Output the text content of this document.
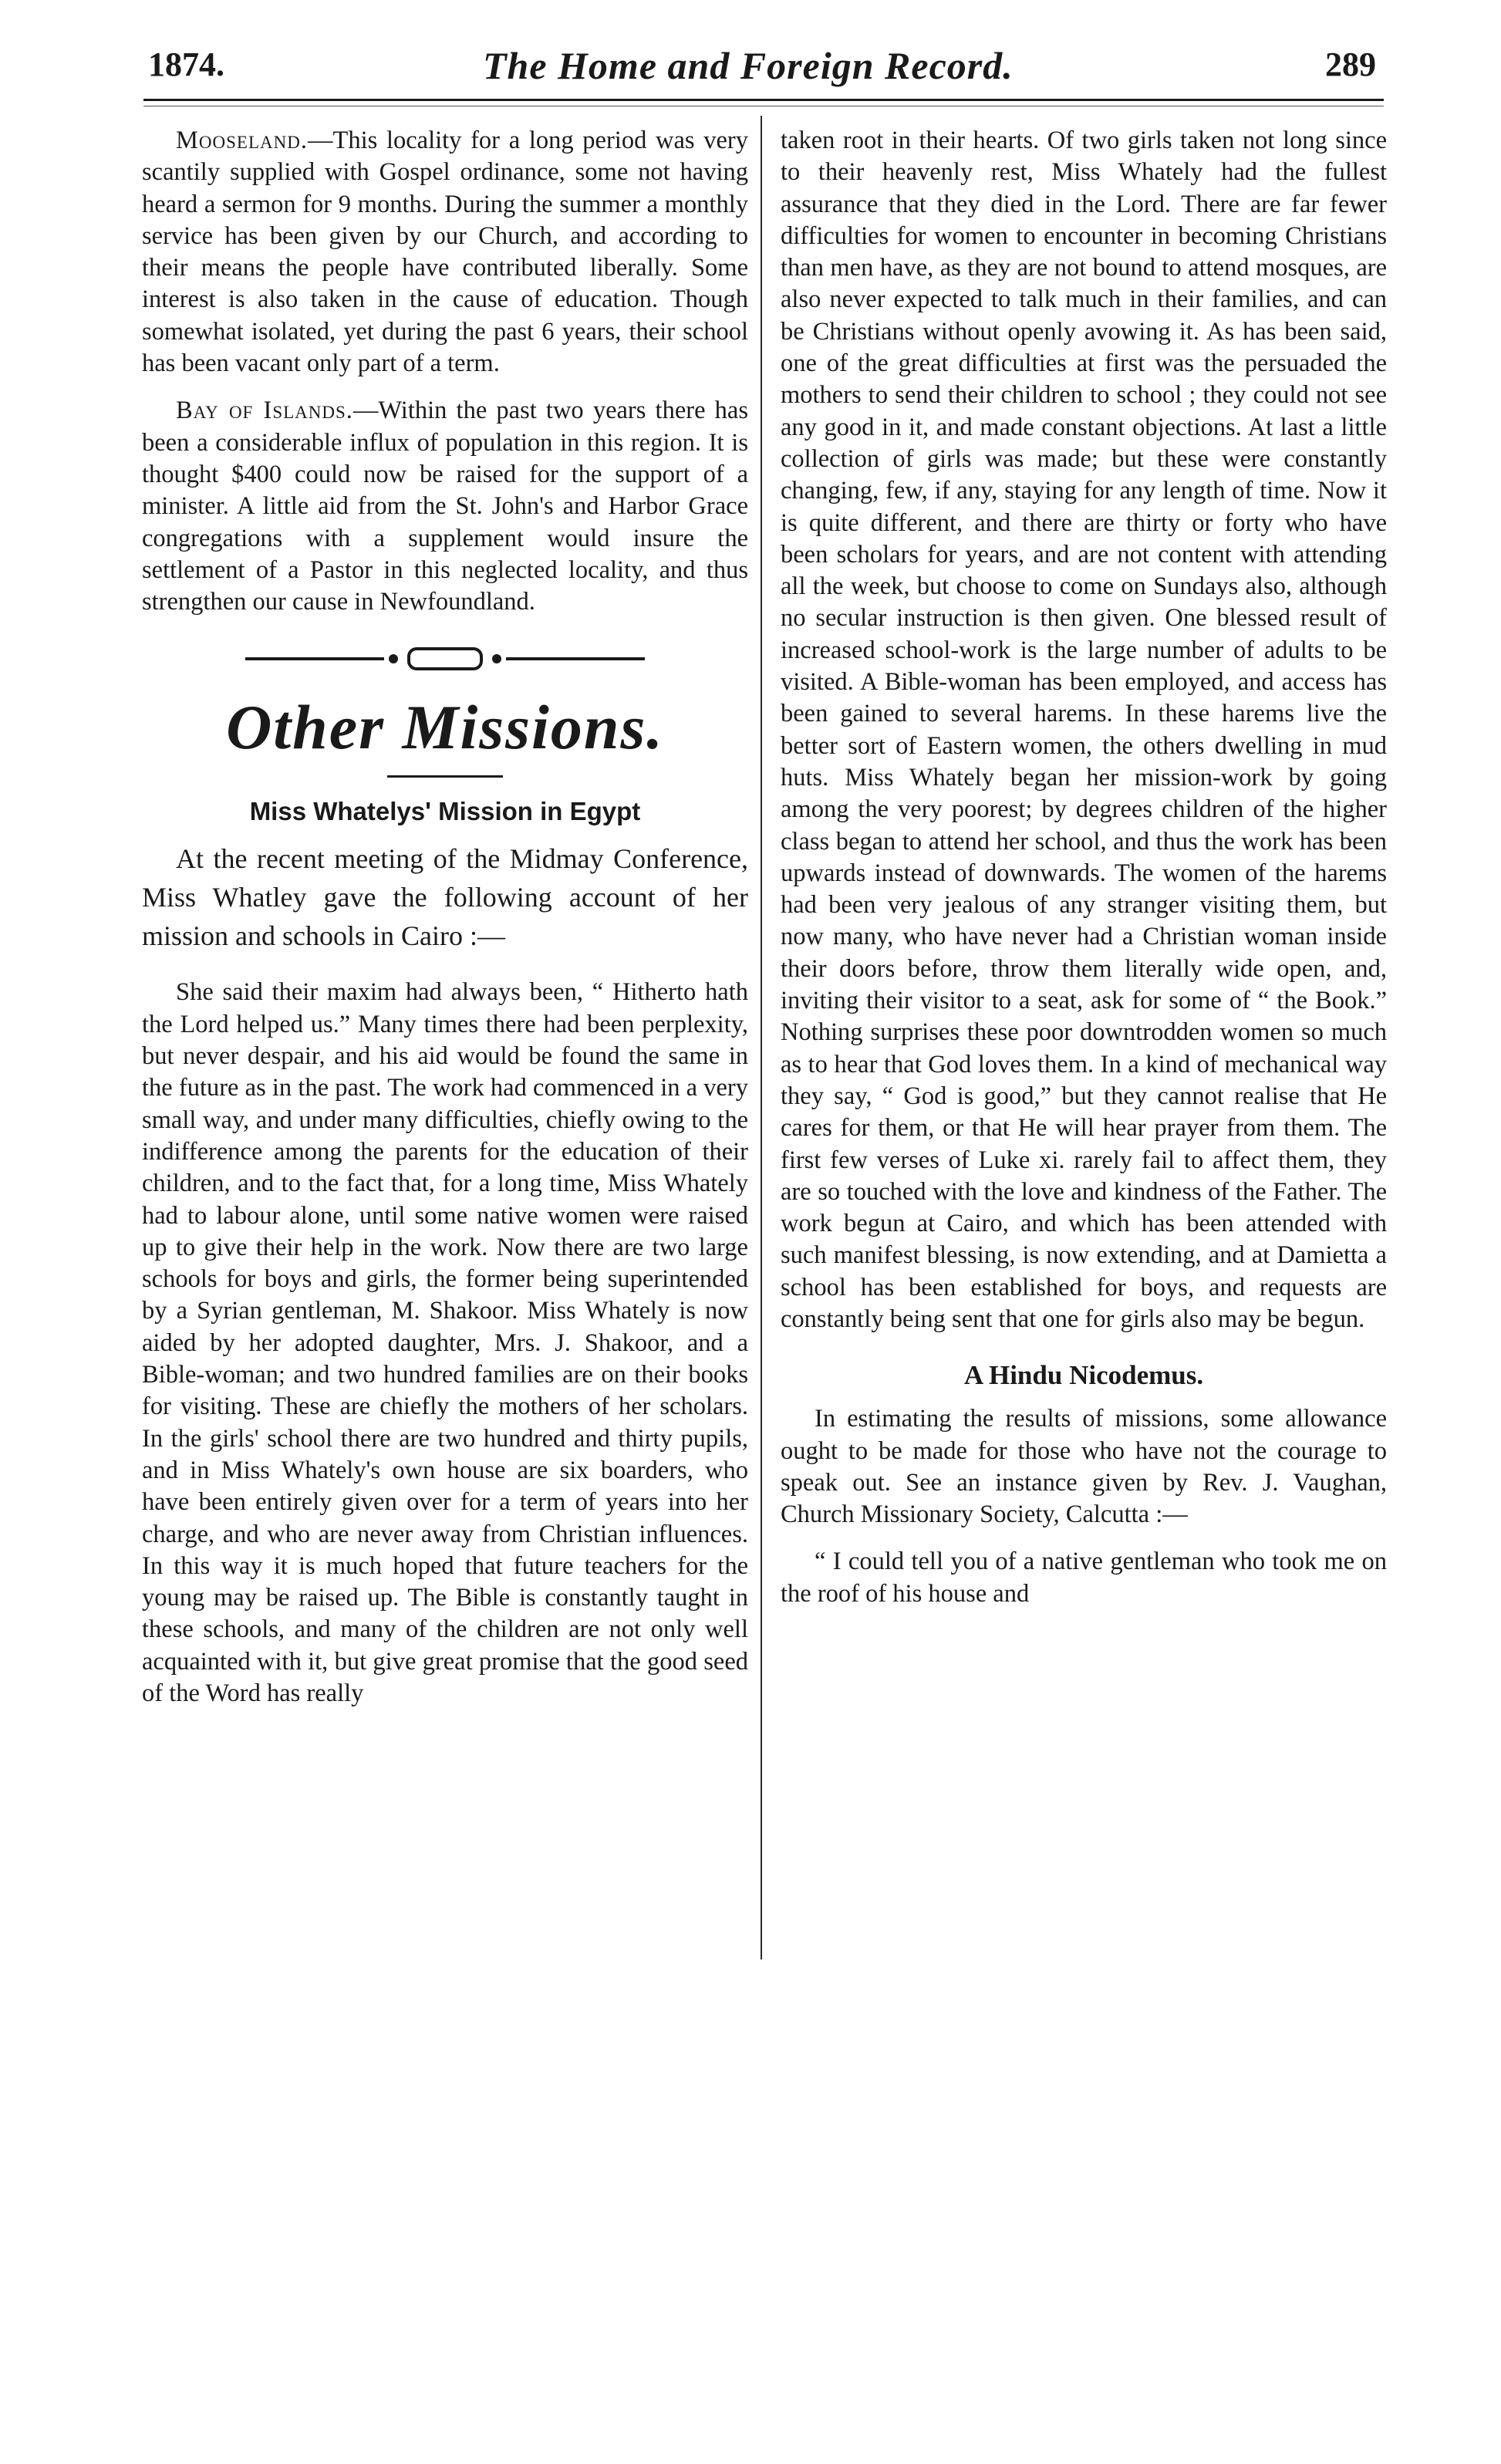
1874.	The Home and Foreign Record.	289

Mooseland.—This locality for a long period was very scantily supplied with Gospel ordinance, some not having heard a sermon for 9 months. During the summer a monthly service has been given by our Church, and according to their means the people have contributed liberally. Some interest is also taken in the cause of education. Though somewhat isolated, yet during the past 6 years, their school has been vacant only part of a term.

Bay of Islands.—Within the past two years there has been a considerable influx of population in this region. It is thought $400 could now be raised for the support of a minister. A little aid from the St. John's and Harbor Grace congregations with a supplement would insure the settlement of a Pastor in this neglected locality, and thus strengthen our cause in Newfoundland.

Other Missions.
Miss Whatelys' Mission in Egypt

At the recent meeting of the Midmay Conference, Miss Whatley gave the following account of her mission and schools in Cairo :—

She said their maxim had always been, “ Hitherto hath the Lord helped us.” Many times there had been perplexity, but never despair, and his aid would be found the same in the future as in the past. The work had commenced in a very small way, and under many difficulties, chiefly owing to the indifference among the parents for the education of their children, and to the fact that, for a long time, Miss Whately had to labour alone, until some native women were raised up to give their help in the work. Now there are two large schools for boys and girls, the former being superintended by a Syrian gentleman, M. Shakoor. Miss Whately is now aided by her adopted daughter, Mrs. J. Shakoor, and a Bible-woman; and two hundred families are on their books for visiting. These are chiefly the mothers of her scholars. In the girls' school there are two hundred and thirty pupils, and in Miss Whately's own house are six boarders, who have been entirely given over for a term of years into her charge, and who are never away from Christian influences. In this way it is much hoped that future teachers for the young may be raised up. The Bible is constantly taught in these schools, and many of the children are not only well acquainted with it, but give great promise that the good seed of the Word has really

taken root in their hearts. Of two girls taken not long since to their heavenly rest, Miss Whately had the fullest assurance that they died in the Lord. There are far fewer difficulties for women to encounter in becoming Christians than men have, as they are not bound to attend mosques, are also never expected to talk much in their families, and can be Christians without openly avowing it. As has been said, one of the great difficulties at first was the persuaded the mothers to send their children to school ; they could not see any good in it, and made constant objections. At last a little collection of girls was made; but these were constantly changing, few, if any, staying for any length of time. Now it is quite different, and there are thirty or forty who have been scholars for years, and are not content with attending all the week, but choose to come on Sundays also, although no secular instruction is then given. One blessed result of increased school-work is the large number of adults to be visited. A Bible-woman has been employed, and access has been gained to several harems. In these harems live the better sort of Eastern women, the others dwelling in mud huts. Miss Whately began her mission-work by going among the very poorest; by degrees children of the higher class began to attend her school, and thus the work has been upwards instead of downwards. The women of the harems had been very jealous of any stranger visiting them, but now many, who have never had a Christian woman inside their doors before, throw them literally wide open, and, inviting their visitor to a seat, ask for some of “ the Book.” Nothing surprises these poor downtrodden women so much as to hear that God loves them. In a kind of mechanical way they say, “ God is good,” but they cannot realise that He cares for them, or that He will hear prayer from them. The first few verses of Luke xi. rarely fail to affect them, they are so touched with the love and kindness of the Father. The work begun at Cairo, and which has been attended with such manifest blessing, is now extending, and at Damietta a school has been established for boys, and requests are constantly being sent that one for girls also may be begun.

A Hindu Nicodemus.

In estimating the results of missions, some allowance ought to be made for those who have not the courage to speak out. See an instance given by Rev. J. Vaughan, Church Missionary Society, Calcutta :—

“ I could tell you of a native gentleman who took me on the roof of his house and
